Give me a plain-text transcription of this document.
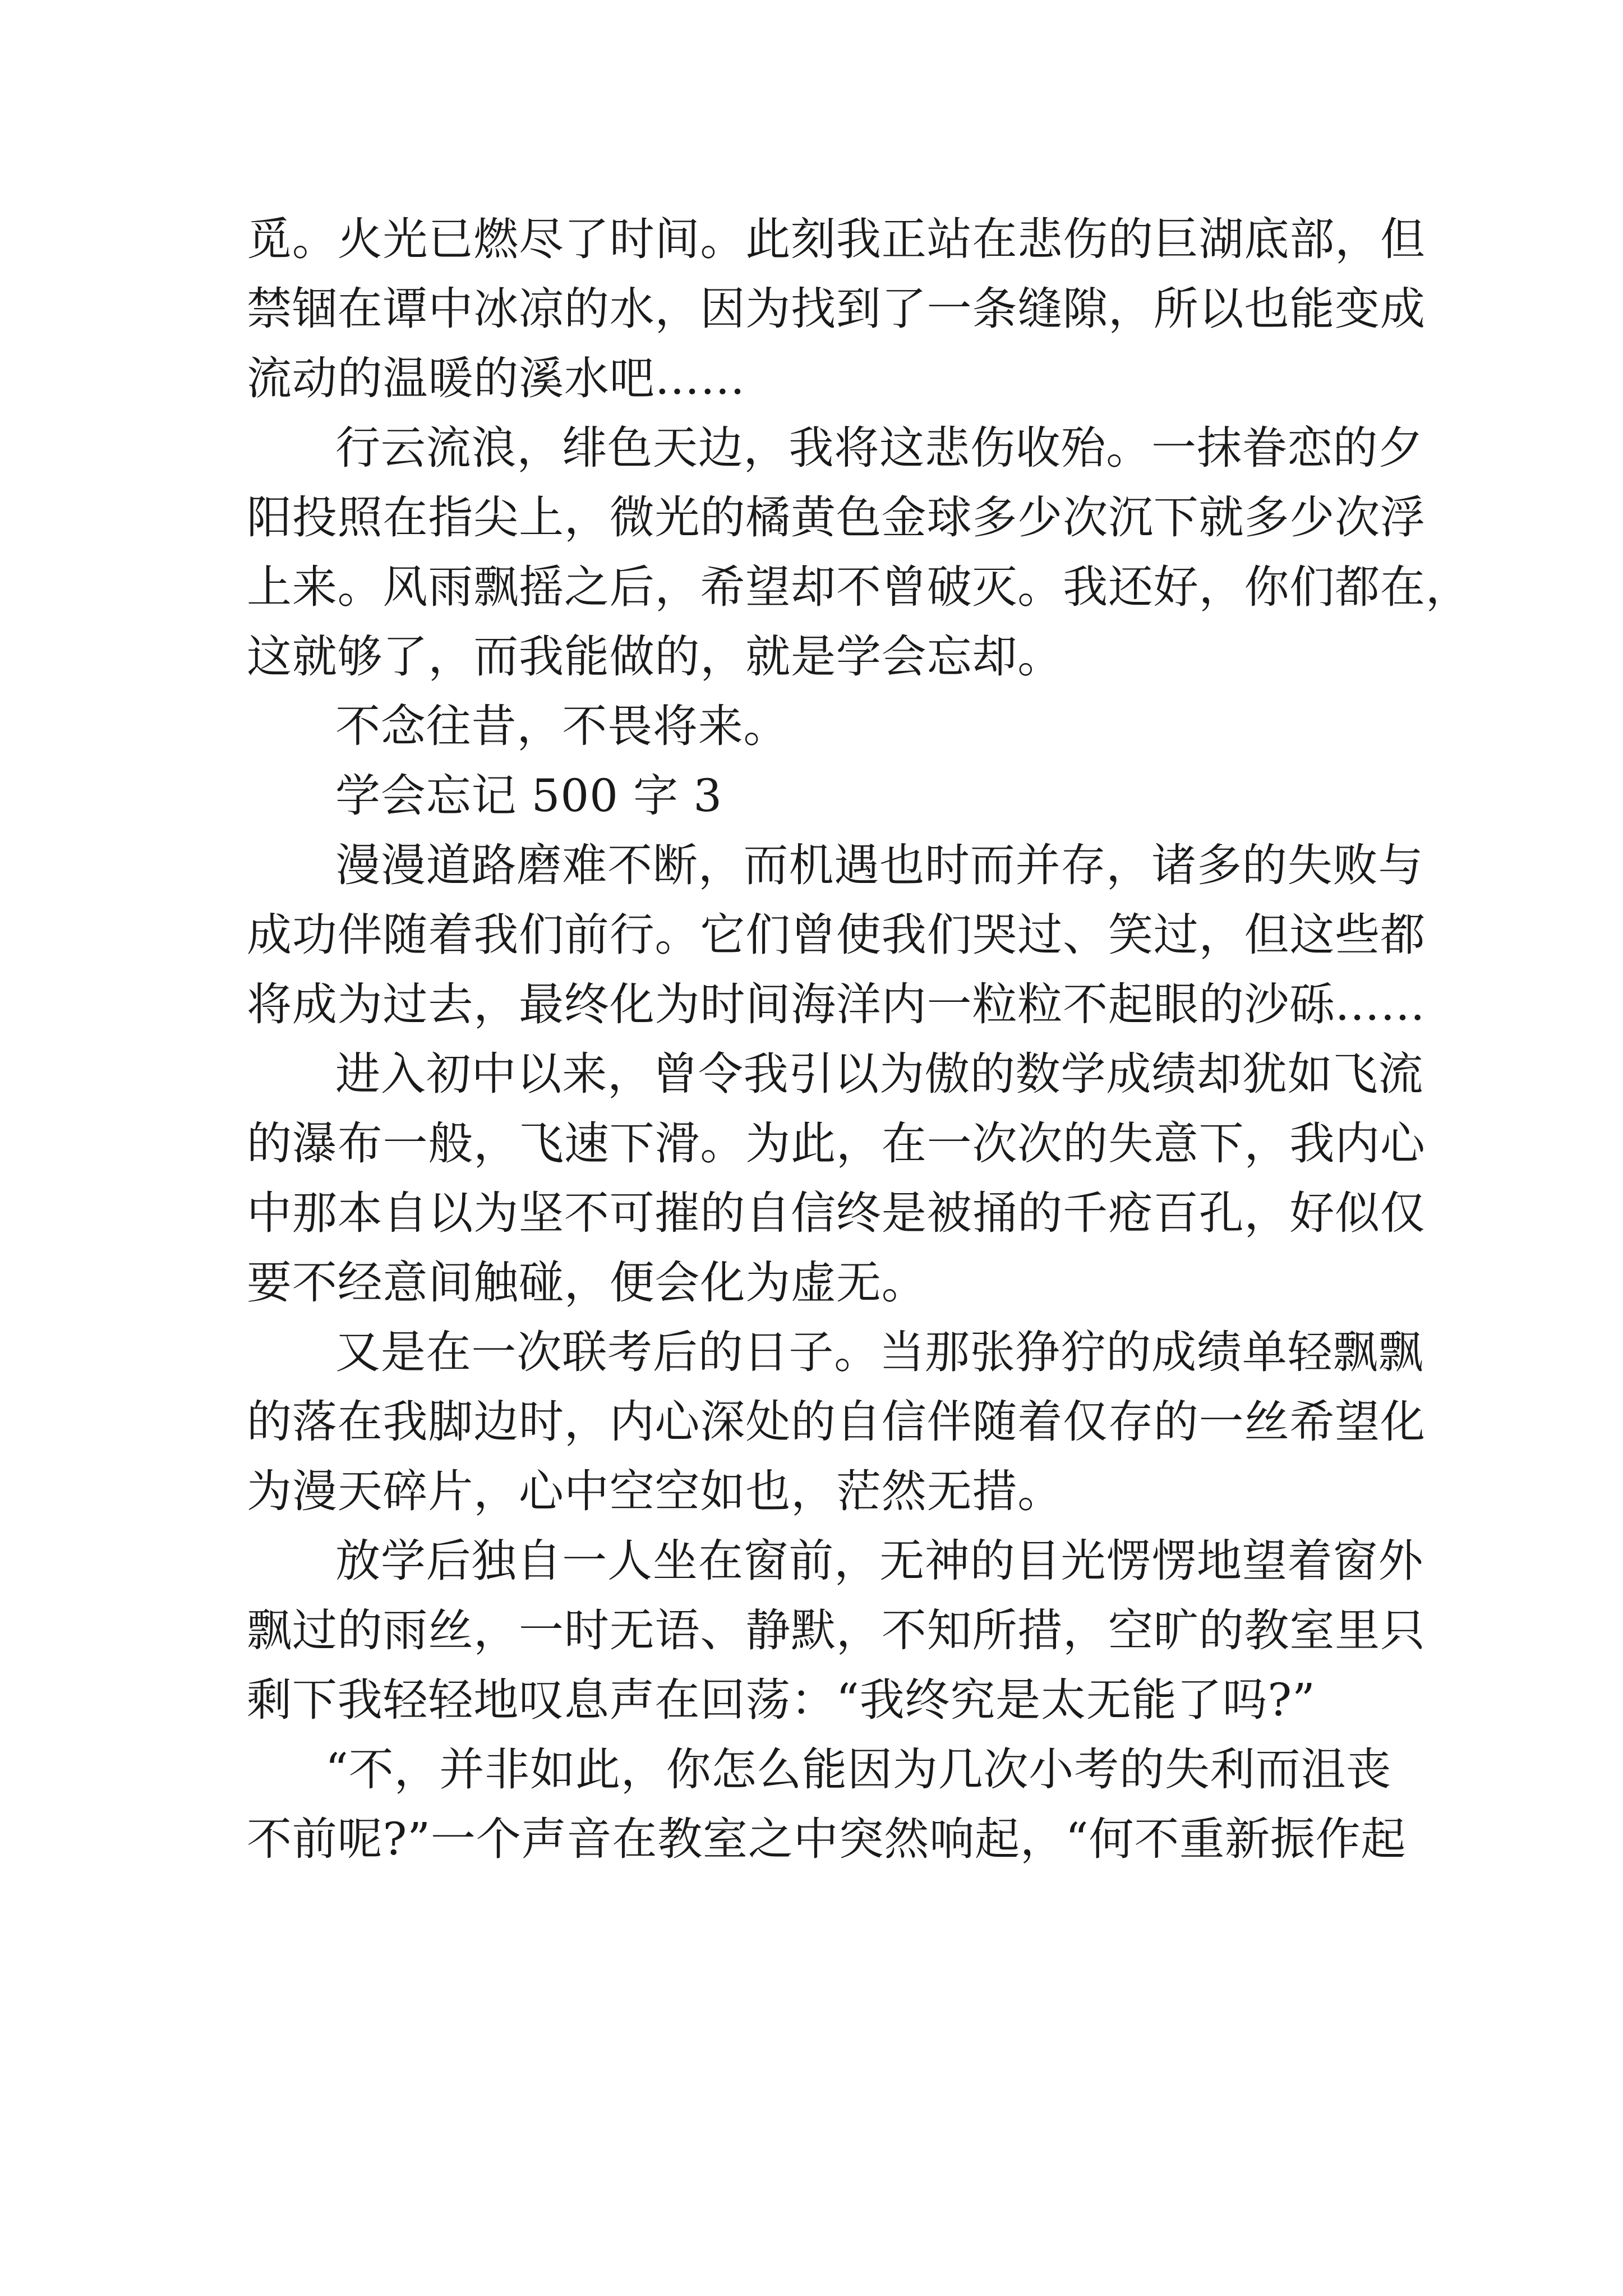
觅。火光已燃尽了时间。此刻我正站在悲伤的巨湖底部，但
禁锢在谭中冰凉的水，因为找到了一条缝隙，所以也能变成
流动的温暖的溪水吧……
行云流浪，绯色天边，我将这悲伤收殆。一抹眷恋的夕
阳投照在指尖上，微光的橘黄色金球多少次沉下就多少次浮
上来。风雨飘摇之后，希望却不曾破灭。我还好，你们都在，
这就够了，而我能做的，就是学会忘却。
不念往昔，不畏将来。
学会忘记 500 字 3
漫漫道路磨难不断，而机遇也时而并存，诸多的失败与
成功伴随着我们前行。它们曾使我们哭过、笑过，但这些都
将成为过去，最终化为时间海洋内一粒粒不起眼的沙砾……
进入初中以来，曾令我引以为傲的数学成绩却犹如飞流
的瀑布一般，飞速下滑。为此，在一次次的失意下，我内心
中那本自以为坚不可摧的自信终是被捅的千疮百孔，好似仅
要不经意间触碰，便会化为虚无。
又是在一次联考后的日子。当那张狰狞的成绩单轻飘飘
的落在我脚边时，内心深处的自信伴随着仅存的一丝希望化
为漫天碎片，心中空空如也，茫然无措。
放学后独自一人坐在窗前，无神的目光愣愣地望着窗外
飘过的雨丝，一时无语、静默，不知所措，空旷的教室里只
剩下我轻轻地叹息声在回荡：“我终究是太无能了吗?”
“不，并非如此，你怎么能因为几次小考的失利而沮丧
不前呢?”一个声音在教室之中突然响起，“何不重新振作起
